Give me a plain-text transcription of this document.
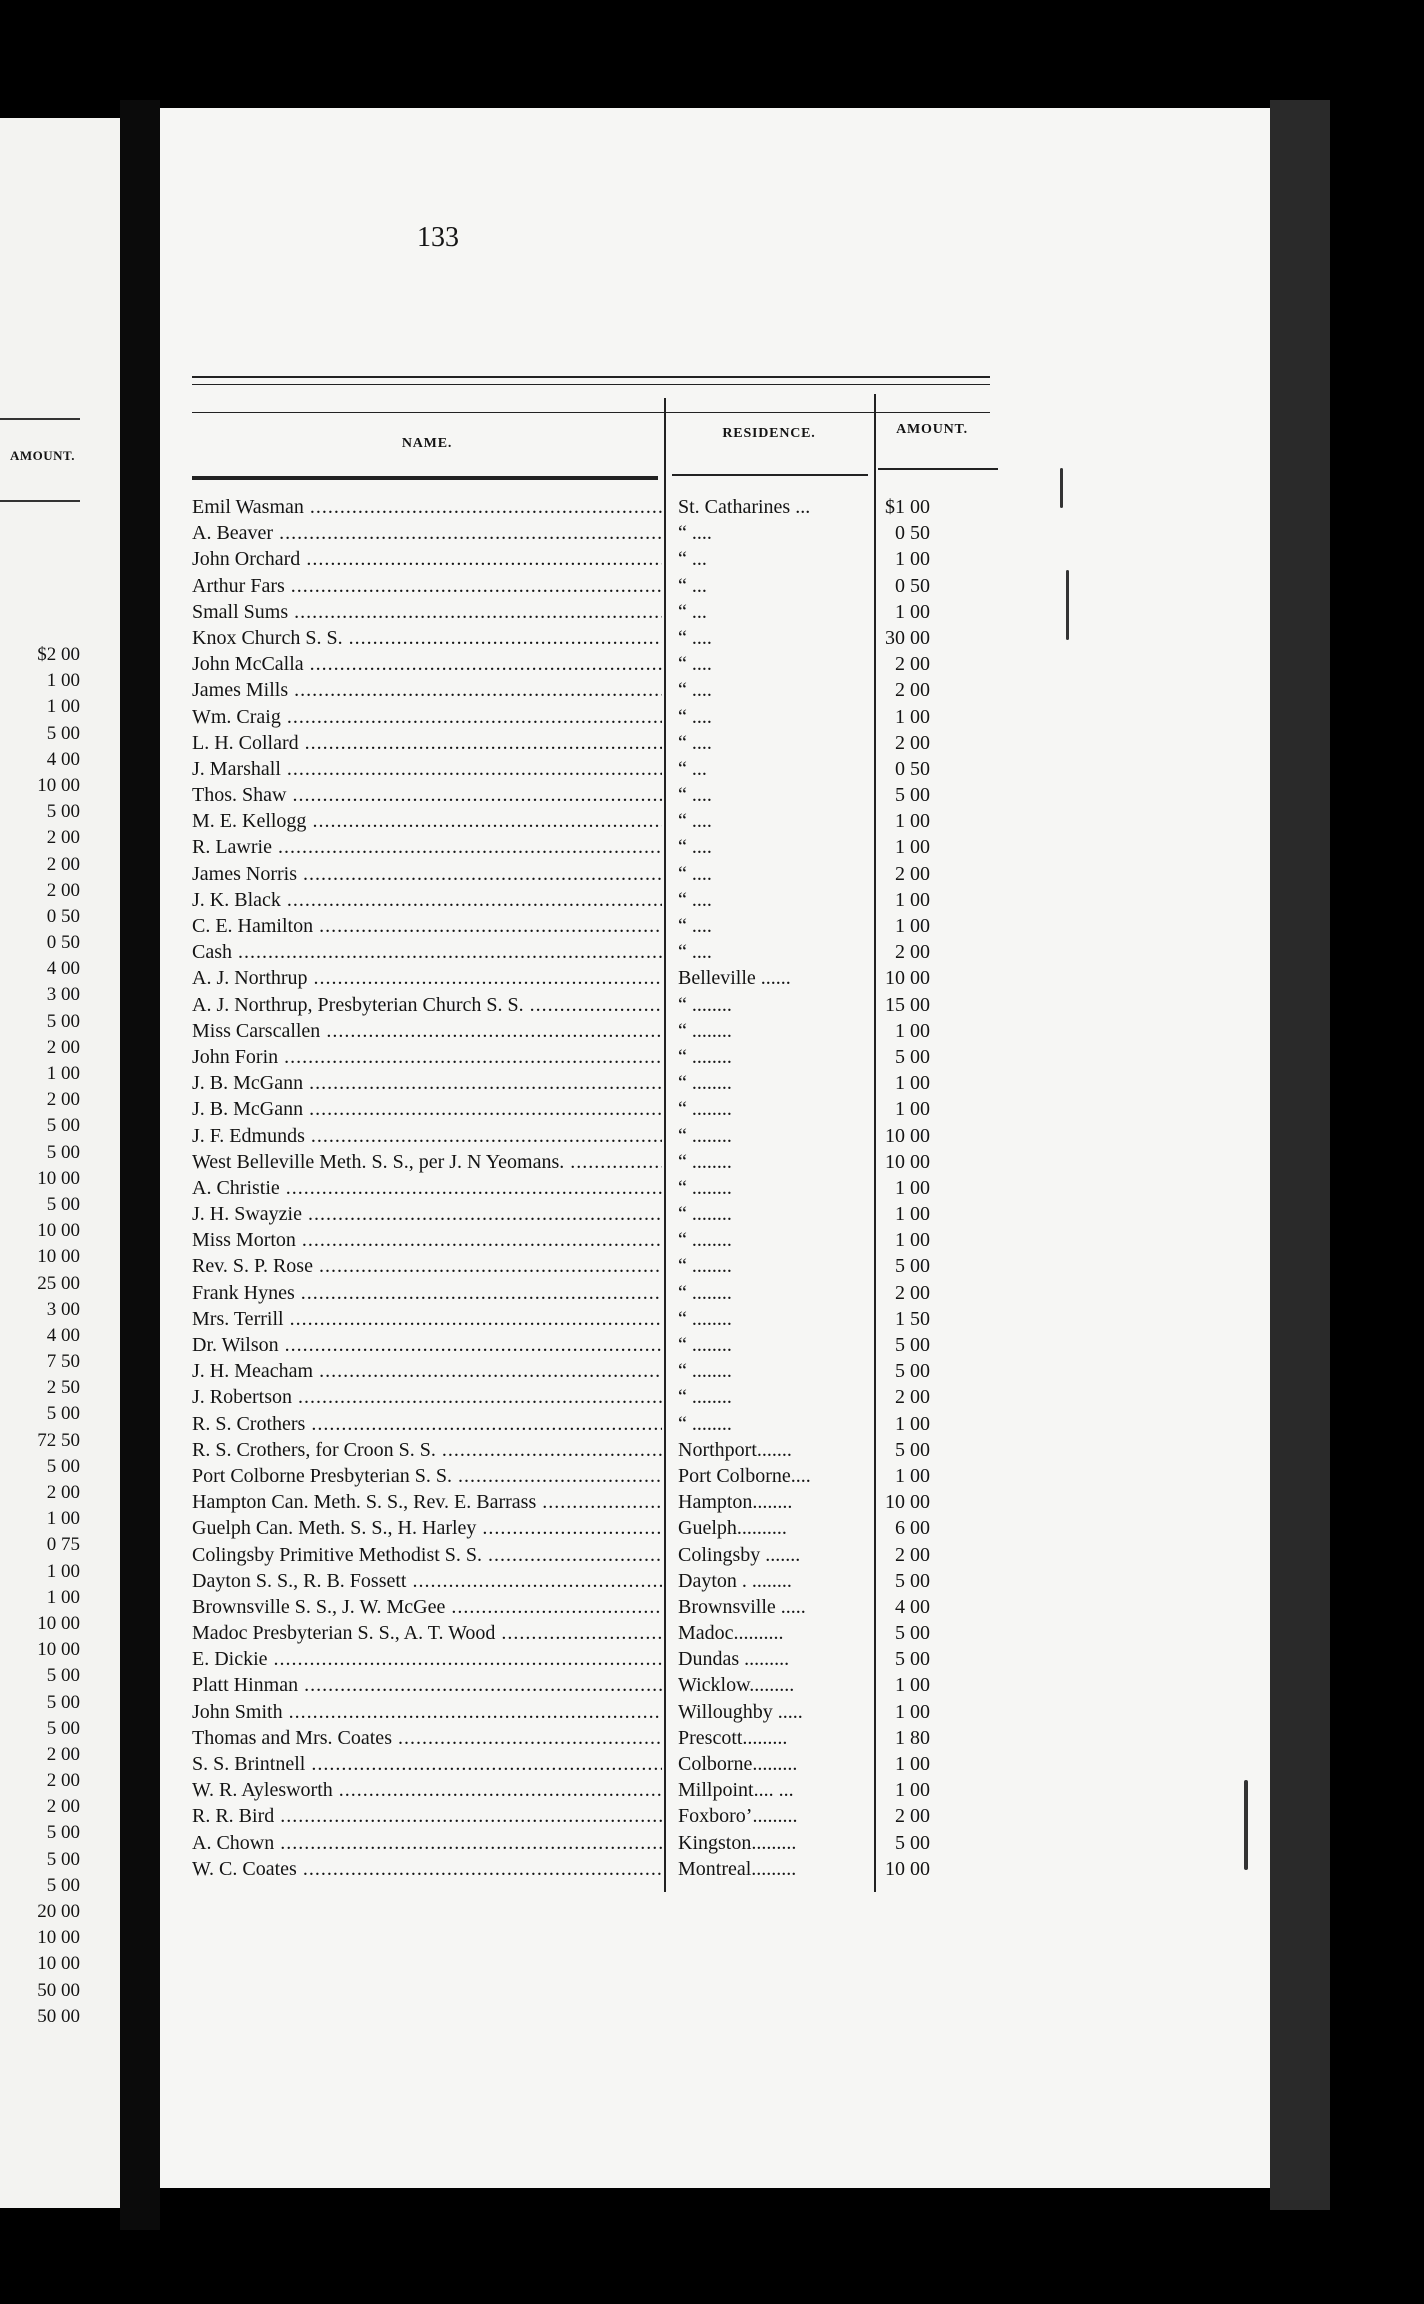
AMOUNT.
$2 00
1 00
1 00
5 00
4 00
10 00
5 00
2 00
2 00
2 00
0 50
0 50
4 00
3 00
5 00
2 00
1 00
2 00
5 00
5 00
10 00
5 00
10 00
10 00
25 00
3 00
4 00
7 50
2 50
5 00
72 50
5 00
2 00
1 00
0 75
1 00
1 00
10 00
10 00
5 00
5 00
5 00
2 00
2 00
2 00
5 00
5 00
5 00
20 00
10 00
10 00
50 00
50 00
133
NAME.
RESIDENCE.	AMOUNT.
Emil Wasman .....	St. Catharines ...	$1 00
A. Beaver .....	“ ....	0 50
John Orchard .....	“ ...	1 00
Arthur Fars .....	“ ...	0 50
Small Sums .....	“ ...	1 00
Knox Church S. S. .....	“ ....	30 00
John McCalla .....	“ ....	2 00
James Mills .....	“ ....	2 00
Wm. Craig .....	“ ....	1 00
L. H. Collard .....	“ ....	2 00
J. Marshall .....	“ ...	0 50
Thos. Shaw .....	“ ....	5 00
M. E. Kellogg .....	“ ....	1 00
R. Lawrie .....	“ ....	1 00
James Norris .....	“ ....	2 00
J. K. Black .....	“ ....	1 00
C. E. Hamilton .....	“ ....	1 00
Cash .....	“ ....	2 00
A. J. Northrup .....	Belleville ......	10 00
A. J. Northrup, Presbyterian Church S. S. .....	“ ........	15 00
Miss Carscallen .....	“ ........	1 00
John Forin .....	“ ........	5 00
J. B. McGann .....	“ ........	1 00
J. B. McGann .....	“ ........	1 00
J. F. Edmunds .....	“ ........	10 00
West Belleville Meth. S. S., per J. N Yeomans. .....	“ ........	10 00
A. Christie .....	“ ........	1 00
J. H. Swayzie .....	“ ........	1 00
Miss Morton .....	“ ........	1 00
Rev. S. P. Rose .....	“ ........	5 00
Frank Hynes .....	“ ........	2 00
Mrs. Terrill .....	“ ........	1 50
Dr. Wilson .....	“ ........	5 00
J. H. Meacham .....	“ ........	5 00
J. Robertson .....	“ ........	2 00
R. S. Crothers .....	“ ........	1 00
R. S. Crothers, for Croon S. S. .....	Northport.......	5 00
Port Colborne Presbyterian S. S. .....	Port Colborne....	1 00
Hampton Can. Meth. S. S., Rev. E. Barrass .....	Hampton........	10 00
Guelph Can. Meth. S. S., H. Harley .....	Guelph..........	6 00
Colingsby Primitive Methodist S. S. .....	Colingsby .......	2 00
Dayton S. S., R. B. Fossett .....	Dayton . ........	5 00
Brownsville S. S., J. W. McGee .....	Brownsville .....	4 00
Madoc Presbyterian S. S., A. T. Wood .....	Madoc..........	5 00
E. Dickie .....	Dundas .........	5 00
Platt Hinman .....	Wicklow.........	1 00
John Smith .....	Willoughby .....	1 00
Thomas and Mrs. Coates .....	Prescott.........	1 80
S. S. Brintnell .....	Colborne.........	1 00
W. R. Aylesworth .....	Millpoint.... ...	1 00
R. R. Bird .....	Foxboro’.........	2 00
A. Chown .....	Kingston.........	5 00
W. C. Coates .....	Montreal.........	10 00
